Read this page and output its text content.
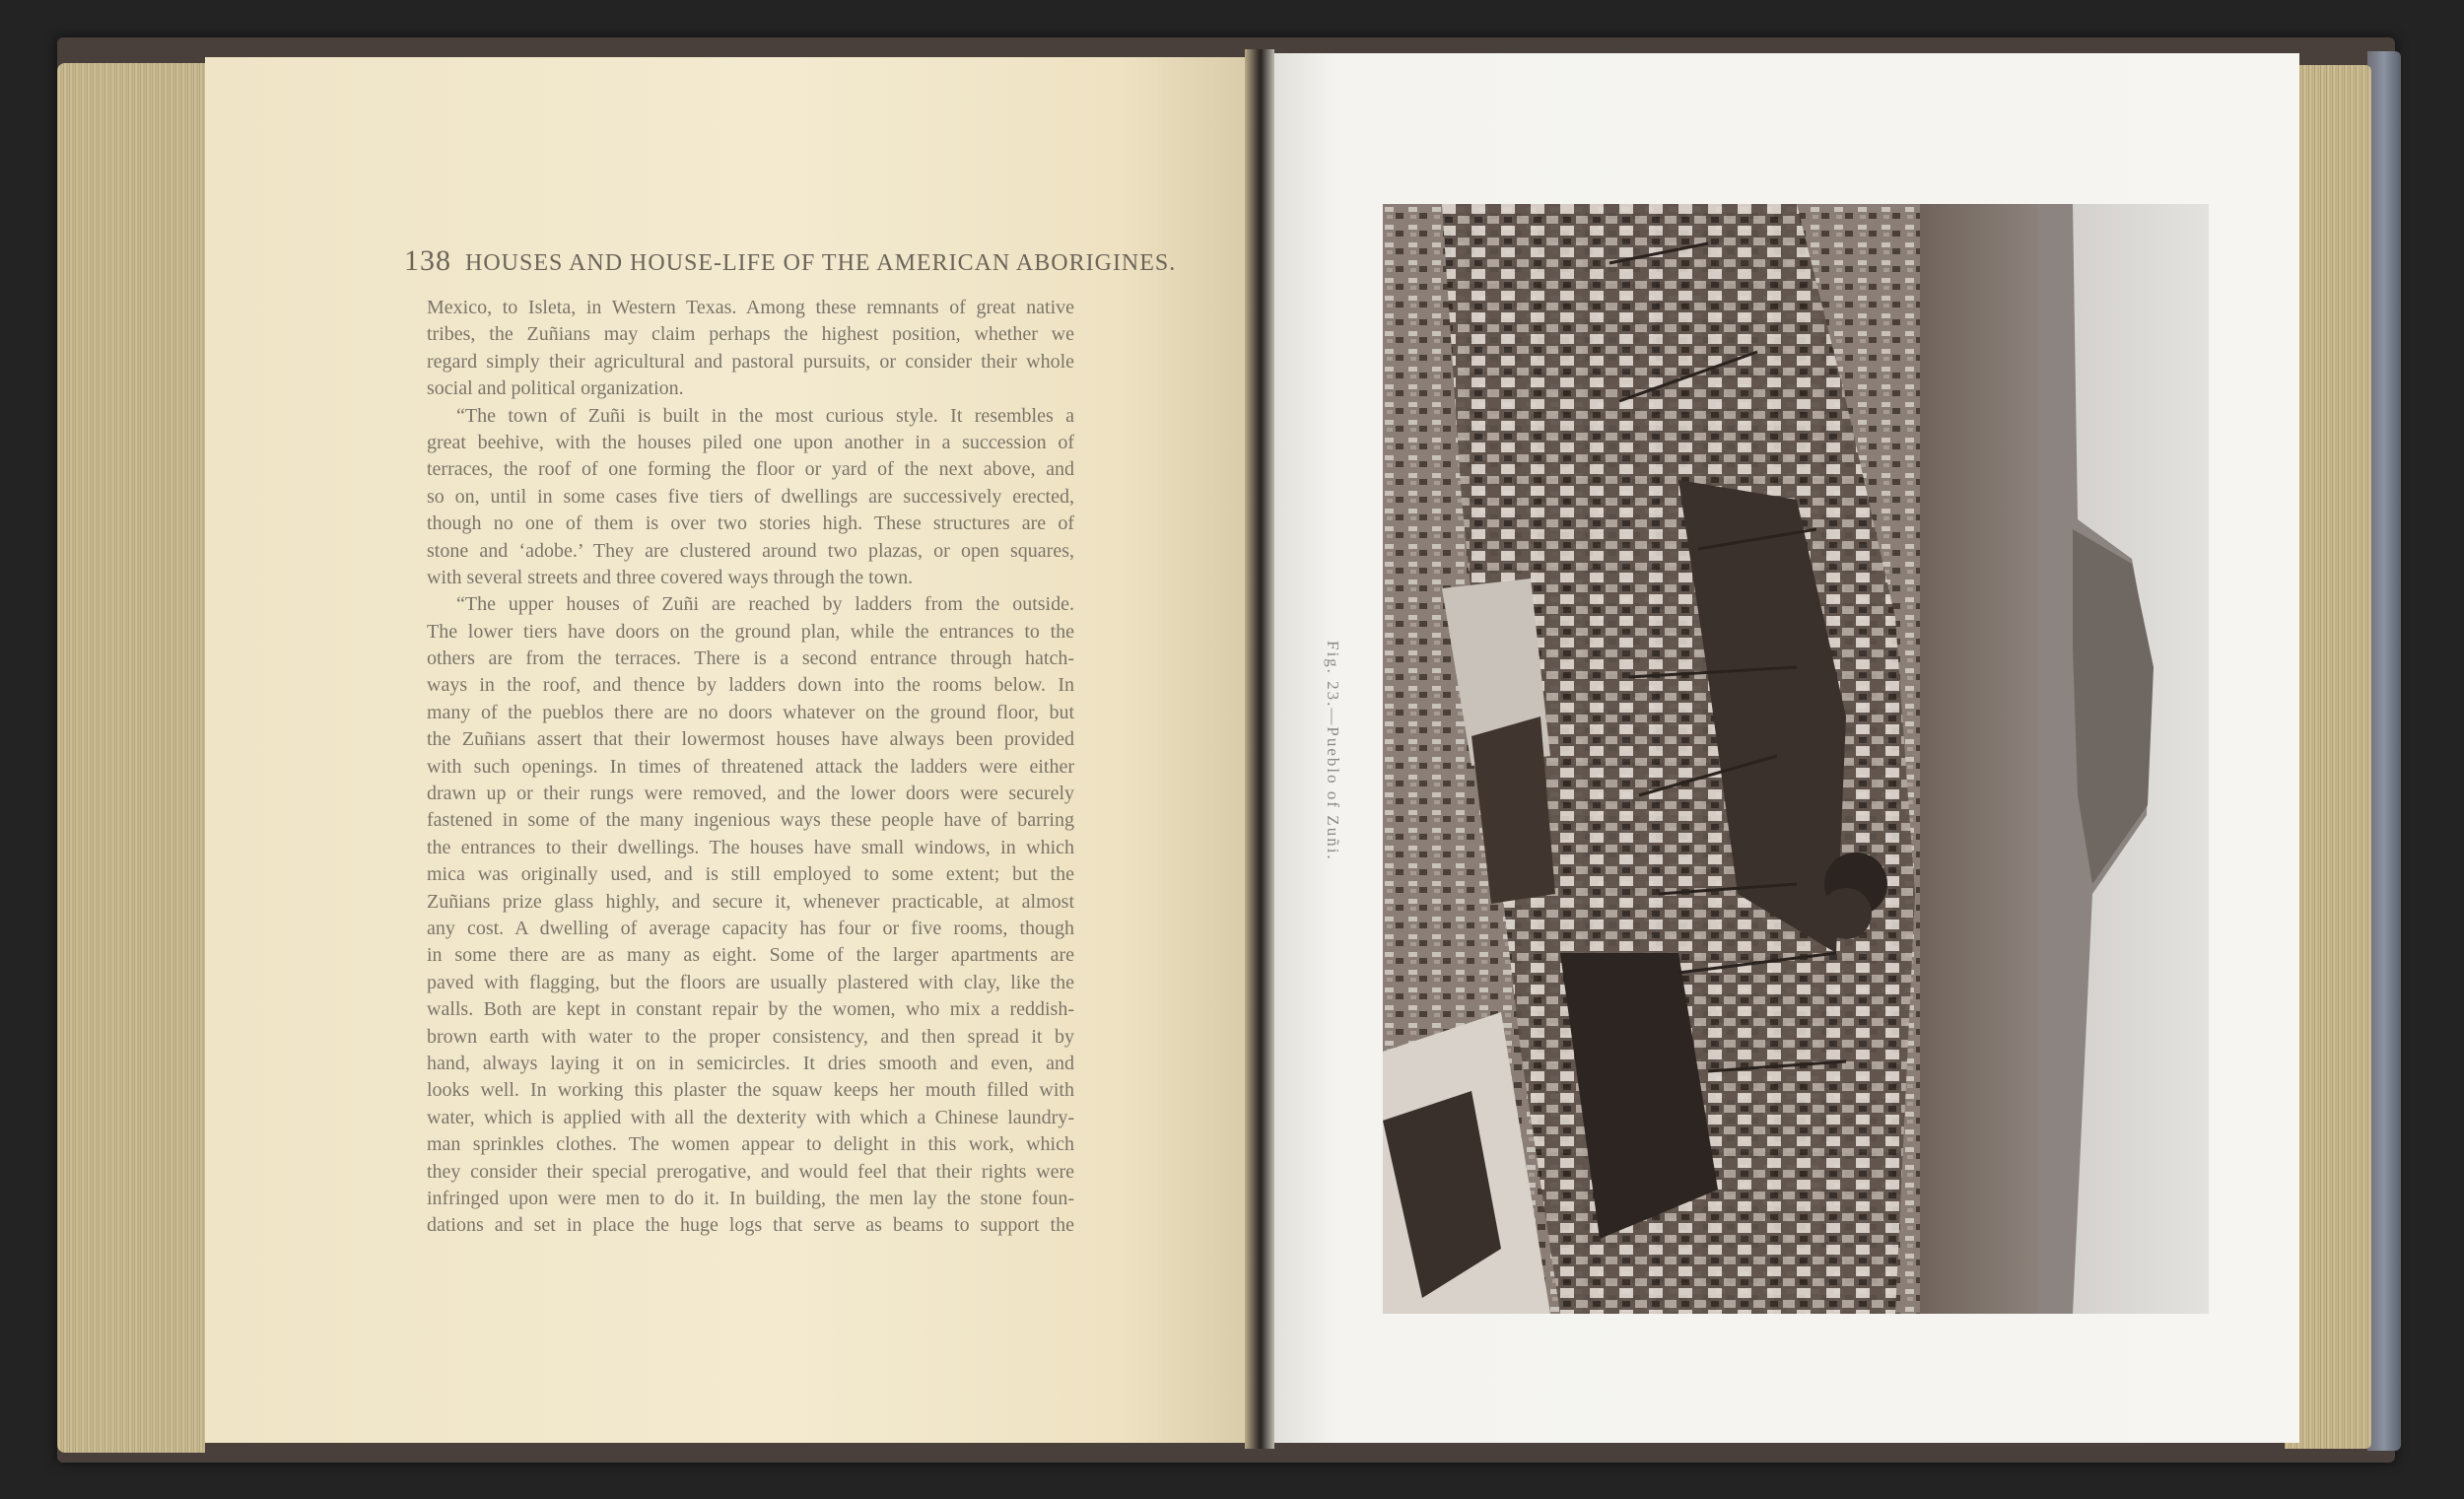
138 HOUSES AND HOUSE-LIFE OF THE AMERICAN ABORIGINES.
Mexico, to Isleta, in Western Texas. Among these remnants of great native
tribes, the Zuñians may claim perhaps the highest position, whether we
regard simply their agricultural and pastoral pursuits, or consider their whole
social and political organization.
“The town of Zuñi is built in the most curious style. It resembles a
great beehive, with the houses piled one upon another in a succession of
terraces, the roof of one forming the floor or yard of the next above, and
so on, until in some cases five tiers of dwellings are successively erected,
though no one of them is over two stories high. These structures are of
stone and ‘adobe.’ They are clustered around two plazas, or open squares,
with several streets and three covered ways through the town.
“The upper houses of Zuñi are reached by ladders from the outside.
The lower tiers have doors on the ground plan, while the entrances to the
others are from the terraces. There is a second entrance through hatch-
ways in the roof, and thence by ladders down into the rooms below. In
many of the pueblos there are no doors whatever on the ground floor, but
the Zuñians assert that their lowermost houses have always been provided
with such openings. In times of threatened attack the ladders were either
drawn up or their rungs were removed, and the lower doors were securely
fastened in some of the many ingenious ways these people have of barring
the entrances to their dwellings. The houses have small windows, in which
mica was originally used, and is still employed to some extent; but the
Zuñians prize glass highly, and secure it, whenever practicable, at almost
any cost. A dwelling of average capacity has four or five rooms, though
in some there are as many as eight. Some of the larger apartments are
paved with flagging, but the floors are usually plastered with clay, like the
walls. Both are kept in constant repair by the women, who mix a reddish-
brown earth with water to the proper consistency, and then spread it by
hand, always laying it on in semicircles. It dries smooth and even, and
looks well. In working this plaster the squaw keeps her mouth filled with
water, which is applied with all the dexterity with which a Chinese laundry-
man sprinkles clothes. The women appear to delight in this work, which
they consider their special prerogative, and would feel that their rights were
infringed upon were men to do it. In building, the men lay the stone foun-
dations and set in place the huge logs that serve as beams to support the
Fig. 23.—Pueblo of Zuñi.
